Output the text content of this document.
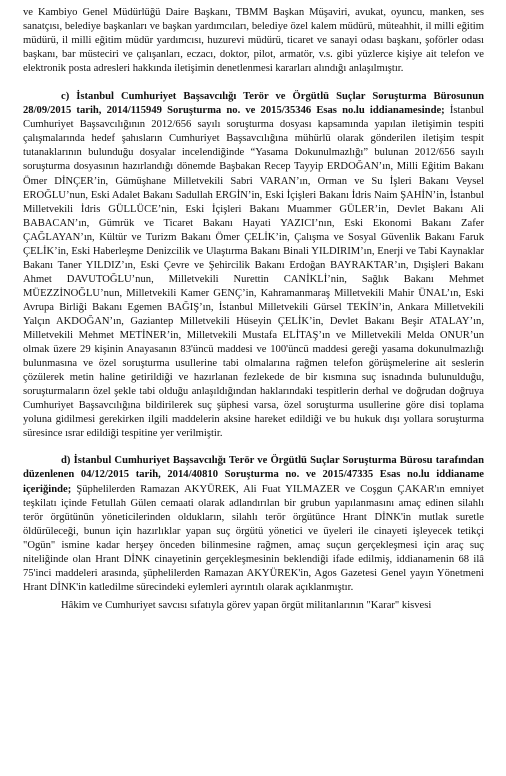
ve Kambiyo Genel Müdürlüğü Daire Başkanı, TBMM Başkan Müşaviri, avukat, oyuncu, manken, ses sanatçısı, belediye başkanları ve başkan yardımcıları, belediye özel kalem müdürü, müteahhit, il milli eğitim müdürü, il milli eğitim müdür yardımcısı, huzurevi müdürü, ticaret ve sanayi odası başkanı, şoförler odası başkanı, bar müsteciri ve çalışanları, eczacı, doktor, pilot, armatör, v.s. gibi yüzlerce kişiye ait telefon ve elektronik posta adresleri hakkında iletişimin denetlenmesi kararları alındığı anlaşılmıştır.

c) İstanbul Cumhuriyet Başsavcılığı Terör ve Örgütlü Suçlar Soruşturma Bürosunun 28/09/2015 tarih, 2014/115949 Soruşturma no. ve 2015/35346 Esas no.lu iddianamesinde; İstanbul Cumhuriyet Başsavcılığının 2012/656 sayılı soruşturma dosyası kapsamında yapılan iletişimin tespiti çalışmalarında hedef şahısların Cumhuriyet Başsavcılığına mühürlü olarak gönderilen iletişim tespit tutanaklarının bulunduğu dosyalar incelendiğinde “Yasama Dokunulmazlığı” bulunan 2012/656 sayılı soruşturma dosyasının hazırlandığı dönemde Başbakan Recep Tayyip ERDOĞAN’ın, Milli Eğitim Bakanı Ömer DİNÇER’in, Gümüşhane Milletvekili Sabri VARAN’ın, Orman ve Su İşleri Bakanı Veysel EROĞLU’nun, Eski Adalet Bakanı Sadullah ERGİN’in, Eski İçişleri Bakanı İdris Naim ŞAHİN’in, İstanbul Milletvekili İdris GÜLLÜCE’nin, Eski İçişleri Bakanı Muammer GÜLER’in, Devlet Bakanı Ali BABACAN’ın, Gümrük ve Ticaret Bakanı Hayati YAZICI’nın, Eski Ekonomi Bakanı Zafer ÇAĞLAYAN’ın, Kültür ve Turizm Bakanı Ömer ÇELİK’in, Çalışma ve Sosyal Güvenlik Bakanı Faruk ÇELİK’in, Eski Haberleşme Denizcilik ve Ulaştırma Bakanı Binali YILDIRIM’ın, Enerji ve Tabi Kaynaklar Bakanı Taner YILDIZ’ın, Eski Çevre ve Şehircilik Bakanı Erdoğan BAYRAKTAR’ın, Dışişleri Bakanı Ahmet DAVUTOĞLU’nun, Milletvekili Nurettin CANİKLİ’nin, Sağlık Bakanı Mehmet MÜEZZİNOĞLU’nun, Milletvekili Kamer GENÇ’in, Kahramanmaraş Milletvekili Mahir ÜNAL’ın, Eski Avrupa Birliği Bakanı Egemen BAĞIŞ’ın, İstanbul Milletvekili Gürsel TEKİN’in, Ankara Milletvekili Yalçın AKDOĞAN’ın, Gaziantep Milletvekili Hüseyin ÇELİK’in, Devlet Bakanı Beşir ATALAY’ın, Milletvekili Mehmet METİNER’in, Milletvekili Mustafa ELİTAŞ’ın ve Milletvekili Melda ONUR’un olmak üzere 29 kişinin Anayasanın 83'üncü maddesi ve 100'üncü maddesi gereği yasama dokunulmazlığı bulunmasına ve özel soruşturma usullerine tabi olmalarına rağmen telefon görüşmelerine ait seslerin çözülerek metin haline getirildiği ve hazırlanan fezlekede de bir kısmına suç isnadında bulunulduğu, soruşturmaların özel şekle tabi olduğu anlaşıldığından haklarındaki tespitlerin derhal ve doğrudan doğruya Cumhuriyet Başsavcılığına bildirilerek suç şüphesi varsa, özel soruşturma usullerine göre disi toplama yoluna gidilmesi gerekirken ilgili maddelerin aksine hareket edildiği ve bu hukuk dışı yollara soruşturma süresince ısrar edildiği tespitine yer verilmiştir.

d) İstanbul Cumhuriyet Başsavcılığı Terör ve Örgütlü Suçlar Soruşturma Bürosu tarafından düzenlenen 04/12/2015 tarih, 2014/40810 Soruşturma no. ve 2015/47335 Esas no.lu iddianame içeriğinde; Şüphelilerden Ramazan AKYÜREK, Ali Fuat YILMAZER ve Coşgun ÇAKAR'ın emniyet teşkilatı içinde Fetullah Gülen cemaati olarak adlandırılan bir grubun yapılanmasını amaç edinen silahlı terör örgütünün yöneticilerinden oldukların, silahlı terör örgütünce Hrant DİNK'in mutlak suretle öldürüleceği, bunun için hazırlıklar yapan suç örgütü yönetici ve üyeleri ile cinayeti işleyecek tetikçi "Ogün" ismine kadar herşey önceden bilinmesine rağmen, amaç suçun gerçekleşmesi için araç suç niteliğinde olan Hrant DİNK cinayetinin gerçekleşmesinin beklendiği ifade edilmiş, iddianamenin 68 ilâ 75'inci maddeleri arasında, şüphelilerden Ramazan AKYÜREK'in, Agos Gazetesi Genel yayın Yönetmeni Hrant DİNK'in katledilme sürecindeki eylemleri ayrıntılı olarak açıklanmıştır.

Hâkim ve Cumhuriyet savcısı sıfatıyla görev yapan örgüt militanlarının "Karar" kisvesi
